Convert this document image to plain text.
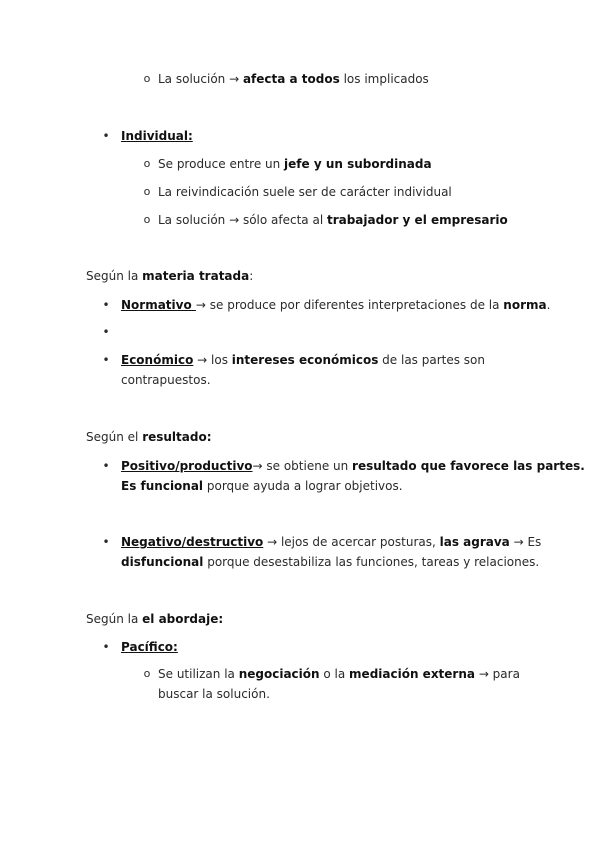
o La solución → afecta a todos los implicados
• Individual:
o Se produce entre un jefe y un subordinada
o La reivindicación suele ser de carácter individual
o La solución → sólo afecta al trabajador y el empresario
Según la materia tratada:
• Normativo → se produce por diferentes interpretaciones de la norma.
•
• Económico → los intereses económicos de las partes son
contrapuestos.
Según el resultado:
• Positivo/productivo→ se obtiene un resultado que favorece las partes.
Es funcional porque ayuda a lograr objetivos.
• Negativo/destructivo → lejos de acercar posturas, las agrava → Es
disfuncional porque desestabiliza las funciones, tareas y relaciones.
Según la el abordaje:
• Pacífico:
o Se utilizan la negociación o la mediación externa → para
buscar la solución.
